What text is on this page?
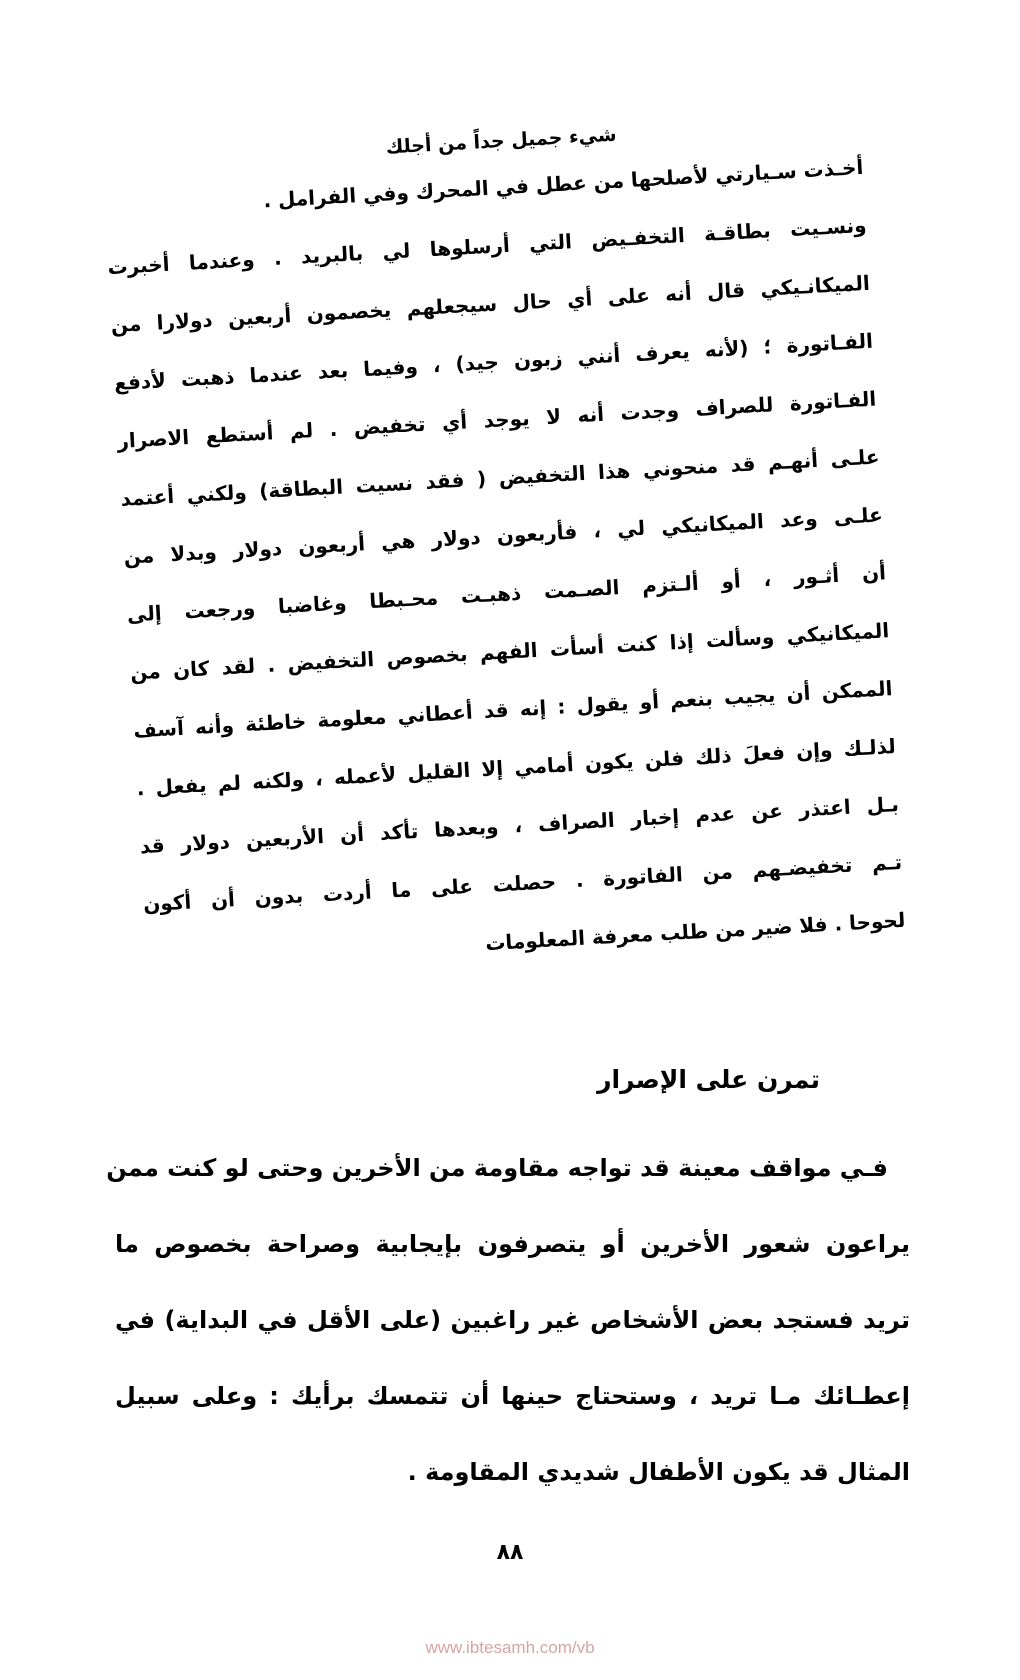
شيء جميل جداً من أجلك

أخـذت سـيارتي لأصلحها من عطل في المحرك وفي الفرامل .
ونسـيت بطاقـة التخفـيض التي أرسلوها لي بالبريد . وعندما أخبرت
الميكانـيكي قال أنه على أي حال سيجعلهم يخصمون أربعين دولارا من
الفـاتورة ؛ (لأنه يعرف أنني زبون جيد) ، وفيما بعد عندما ذهبت لأدفع
الفـاتورة للصراف وجدت أنه لا يوجد أي تخفيض . لم أستطع الاصرار
علـى أنهـم قد منحوني هذا التخفيض ( فقد نسيت البطاقة) ولكني أعتمد
علـى وعد الميكانيكي لي ، فأربعون دولار هي أربعون دولار وبدلا من
أن أثـور ، أو ألـتزم الصـمت ذهبـت محـبطا وغاضبا ورجعت إلى
الميكانيكي وسألت إذا كنت أسأت الفهم بخصوص التخفيض . لقد كان من
الممكن أن يجيب بنعم أو يقول : إنه قد أعطاني معلومة خاطئة وأنه آسف
لذلـك وإن فعلَ ذلك فلن يكون أمامي إلا القليل لأعمله ، ولكنه لم يفعل .
بـل اعتذر عن عدم إخبار الصراف ، وبعدها تأكد أن الأربعين دولار قد
تـم تخفيضـهم من الفاتورة . حصلت على ما أردت بدون أن أكون
لحوحا . فلا ضير من طلب معرفة المعلومات

تمرن على الإصرار

فـي مواقف معينة قد تواجه مقاومة من الأخرين وحتى لو كنت ممن
يراعون شعور الأخرين أو يتصرفون بإيجابية وصراحة بخصوص ما
تريد فستجد بعض الأشخاص غير راغبين (على الأقل في البداية) في
إعطـائك مـا تريد ، وستحتاج حينها أن تتمسك برأيك : وعلى سبيل
المثال قد يكون الأطفال شديدي المقاومة .

٨٨
www.ibtesamh.com/vb
